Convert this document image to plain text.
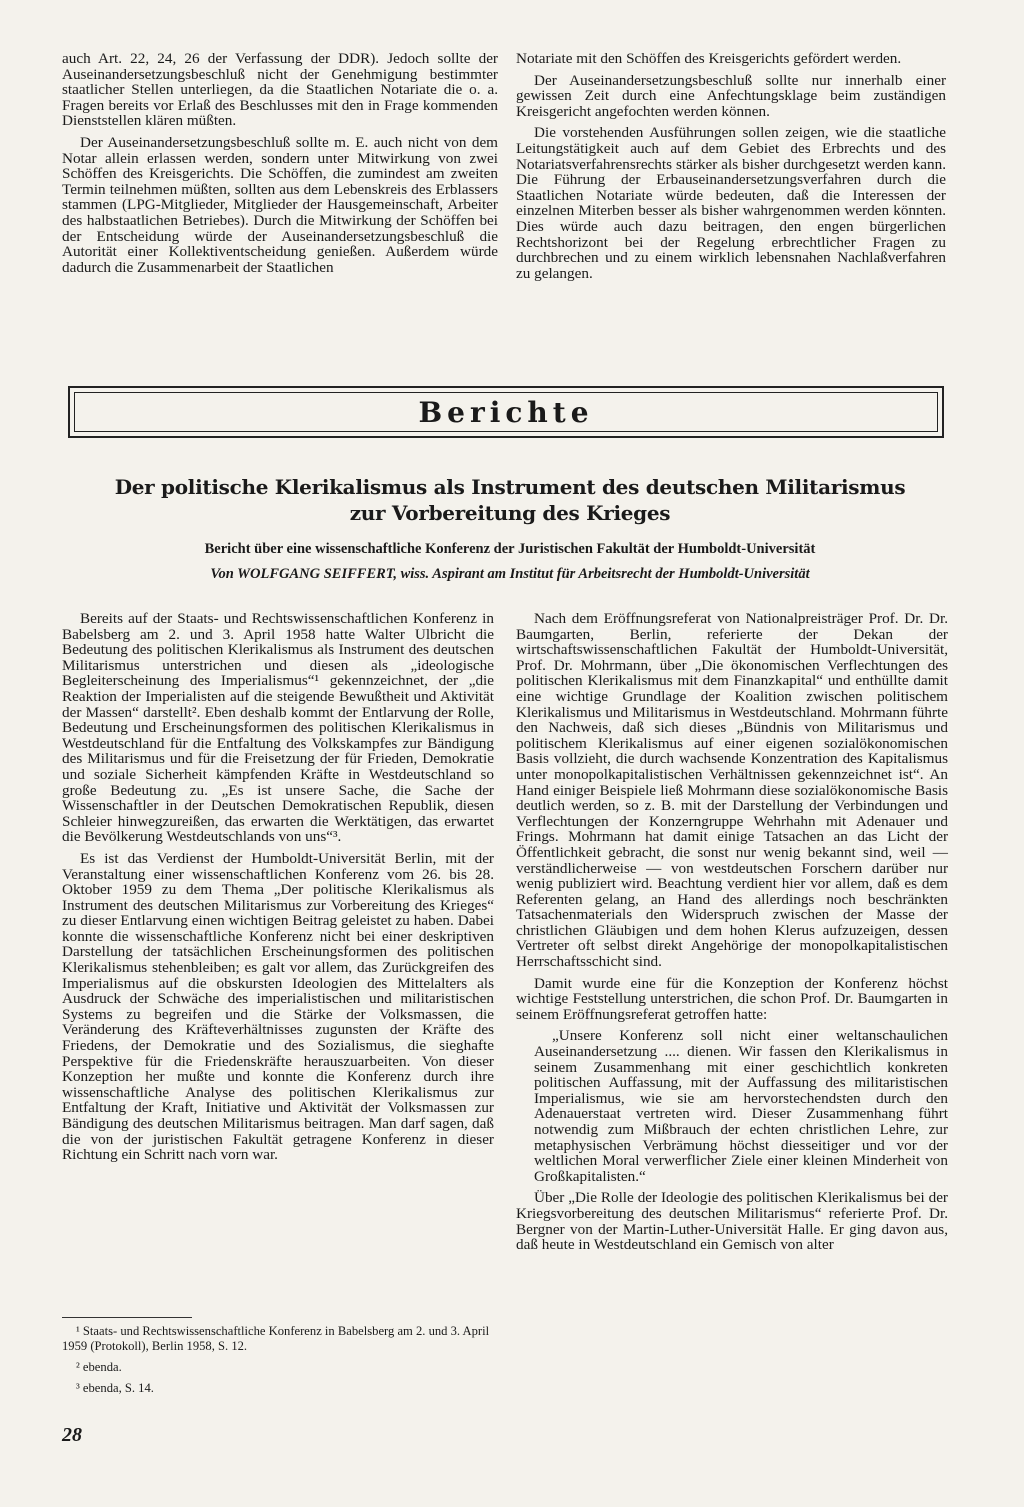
auch Art. 22, 24, 26 der Verfassung der DDR). Jedoch sollte der Auseinandersetzungsbeschluß nicht der Genehmigung bestimmter staatlicher Stellen unterliegen, da die Staatlichen Notariate die o. a. Fragen bereits vor Erlaß des Beschlusses mit den in Frage kommenden Dienststellen klären müßten.

Der Auseinandersetzungsbeschluß sollte m. E. auch nicht von dem Notar allein erlassen werden, sondern unter Mitwirkung von zwei Schöffen des Kreisgerichts. Die Schöffen, die zumindest am zweiten Termin teilnehmen müßten, sollten aus dem Lebenskreis des Erblassers stammen (LPG-Mitglieder, Mitglieder der Hausgemeinschaft, Arbeiter des halbstaatlichen Betriebes). Durch die Mitwirkung der Schöffen bei der Entscheidung würde der Auseinandersetzungsbeschluß die Autorität einer Kollektiventscheidung genießen. Außerdem würde dadurch die Zusammenarbeit der Staatlichen

Notariate mit den Schöffen des Kreisgerichts gefördert werden.

Der Auseinandersetzungsbeschluß sollte nur innerhalb einer gewissen Zeit durch eine Anfechtungsklage beim zuständigen Kreisgericht angefochten werden können.

Die vorstehenden Ausführungen sollen zeigen, wie die staatliche Leitungstätigkeit auch auf dem Gebiet des Erbrechts und des Notariatsverfahrensrechts stärker als bisher durchgesetzt werden kann. Die Führung der Erbauseinandersetzungsverfahren durch die Staatlichen Notariate würde bedeuten, daß die Interessen der einzelnen Miterben besser als bisher wahrgenommen werden könnten. Dies würde auch dazu beitragen, den engen bürgerlichen Rechtshorizont bei der Regelung erbrechtlicher Fragen zu durchbrechen und zu einem wirklich lebensnahen Nachlaßverfahren zu gelangen.

Berichte
Der politische Klerikalismus als Instrument des deutschen Militarismus
zur Vorbereitung des Krieges
Bericht über eine wissenschaftliche Konferenz der Juristischen Fakultät der Humboldt-Universität
Von WOLFGANG SEIFFERT, wiss. Aspirant am Institut für Arbeitsrecht der Humboldt-Universität

Bereits auf der Staats- und Rechtswissenschaftlichen Konferenz in Babelsberg am 2. und 3. April 1958 hatte Walter Ulbricht die Bedeutung des politischen Klerikalismus als Instrument des deutschen Militarismus unterstrichen und diesen als „ideologische Begleiterscheinung des Imperialismus“¹ gekennzeichnet, der „die Reaktion der Imperialisten auf die steigende Bewußtheit und Aktivität der Massen“ darstellt². Eben deshalb kommt der Entlarvung der Rolle, Bedeutung und Erscheinungsformen des politischen Klerikalismus in Westdeutschland für die Entfaltung des Volkskampfes zur Bändigung des Militarismus und für die Freisetzung der für Frieden, Demokratie und soziale Sicherheit kämpfenden Kräfte in Westdeutschland so große Bedeutung zu. „Es ist unsere Sache, die Sache der Wissenschaftler in der Deutschen Demokratischen Republik, diesen Schleier hinwegzureißen, das erwarten die Werktätigen, das erwartet die Bevölkerung Westdeutschlands von uns“³.

Es ist das Verdienst der Humboldt-Universität Berlin, mit der Veranstaltung einer wissenschaftlichen Konferenz vom 26. bis 28. Oktober 1959 zu dem Thema „Der politische Klerikalismus als Instrument des deutschen Militarismus zur Vorbereitung des Krieges“ zu dieser Entlarvung einen wichtigen Beitrag geleistet zu haben. Dabei konnte die wissenschaftliche Konferenz nicht bei einer deskriptiven Darstellung der tatsächlichen Erscheinungsformen des politischen Klerikalismus stehenbleiben; es galt vor allem, das Zurückgreifen des Imperialismus auf die obskursten Ideologien des Mittelalters als Ausdruck der Schwäche des imperialistischen und militaristischen Systems zu begreifen und die Stärke der Volksmassen, die Veränderung des Kräfteverhältnisses zugunsten der Kräfte des Friedens, der Demokratie und des Sozialismus, die sieghafte Perspektive für die Friedenskräfte herauszuarbeiten. Von dieser Konzeption her mußte und konnte die Konferenz durch ihre wissenschaftliche Analyse des politischen Klerikalismus zur Entfaltung der Kraft, Initiative und Aktivität der Volksmassen zur Bändigung des deutschen Militarismus beitragen. Man darf sagen, daß die von der juristischen Fakultät getragene Konferenz in dieser Richtung ein Schritt nach vorn war.

¹ Staats- und Rechtswissenschaftliche Konferenz in Babelsberg am 2. und 3. April 1959 (Protokoll), Berlin 1958, S. 12.

² ebenda.

³ ebenda, S. 14.

28

Nach dem Eröffnungsreferat von Nationalpreisträger Prof. Dr. Dr. Baumgarten, Berlin, referierte der Dekan der wirtschaftswissenschaftlichen Fakultät der Humboldt-Universität, Prof. Dr. Mohrmann, über „Die ökonomischen Verflechtungen des politischen Klerikalismus mit dem Finanzkapital“ und enthüllte damit eine wichtige Grundlage der Koalition zwischen politischem Klerikalismus und Militarismus in Westdeutschland. Mohrmann führte den Nachweis, daß sich dieses „Bündnis von Militarismus und politischem Klerikalismus auf einer eigenen sozialökonomischen Basis vollzieht, die durch wachsende Konzentration des Kapitalismus unter monopolkapitalistischen Verhältnissen gekennzeichnet ist“. An Hand einiger Beispiele ließ Mohrmann diese sozialökonomische Basis deutlich werden, so z. B. mit der Darstellung der Verbindungen und Verflechtungen der Konzerngruppe Wehrhahn mit Adenauer und Frings. Mohrmann hat damit einige Tatsachen an das Licht der Öffentlichkeit gebracht, die sonst nur wenig bekannt sind, weil — verständlicherweise — von westdeutschen Forschern darüber nur wenig publiziert wird. Beachtung verdient hier vor allem, daß es dem Referenten gelang, an Hand des allerdings noch beschränkten Tatsachenmaterials den Widerspruch zwischen der Masse der christlichen Gläubigen und dem hohen Klerus aufzuzeigen, dessen Vertreter oft selbst direkt Angehörige der monopolkapitalistischen Herrschaftsschicht sind.

Damit wurde eine für die Konzeption der Konferenz höchst wichtige Feststellung unterstrichen, die schon Prof. Dr. Baumgarten in seinem Eröffnungsreferat getroffen hatte:

„Unsere Konferenz soll nicht einer weltanschaulichen Auseinandersetzung .... dienen. Wir fassen den Klerikalismus in seinem Zusammenhang mit einer geschichtlich konkreten politischen Auffassung, mit der Auffassung des militaristischen Imperialismus, wie sie am hervorstechendsten durch den Adenauerstaat vertreten wird. Dieser Zusammenhang führt notwendig zum Mißbrauch der echten christlichen Lehre, zur metaphysischen Verbrämung höchst diesseitiger und vor der weltlichen Moral verwerflicher Ziele einer kleinen Minderheit von Großkapitalisten.“

Über „Die Rolle der Ideologie des politischen Klerikalismus bei der Kriegsvorbereitung des deutschen Militarismus“ referierte Prof. Dr. Bergner von der Martin-Luther-Universität Halle. Er ging davon aus, daß heute in Westdeutschland ein Gemisch von alter
